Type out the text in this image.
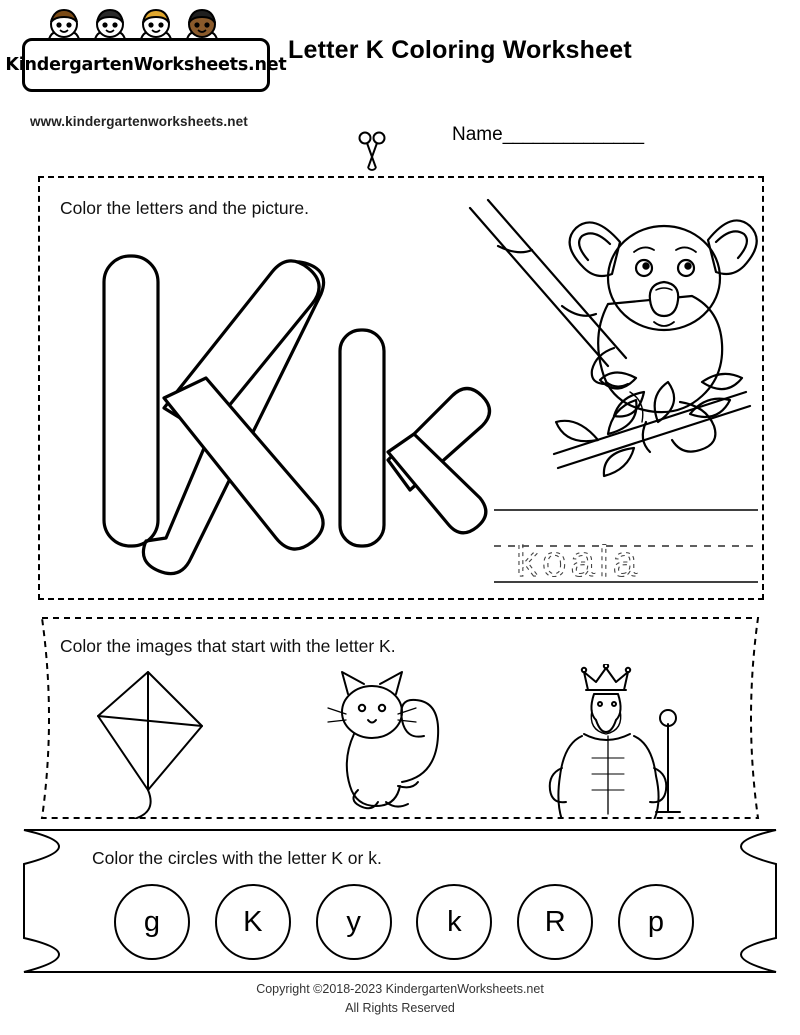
KindergartenWorksheets.net
www.kindergartenworksheets.net
Letter K Coloring Worksheet
Name______________
Color the letters and the picture.
koala
Color the images that start with the letter K.
Color the circles with the letter K or k.
g	K	y	k	R	p
Copyright ©2018-2023 KindergartenWorksheets.net
All Rights Reserved
